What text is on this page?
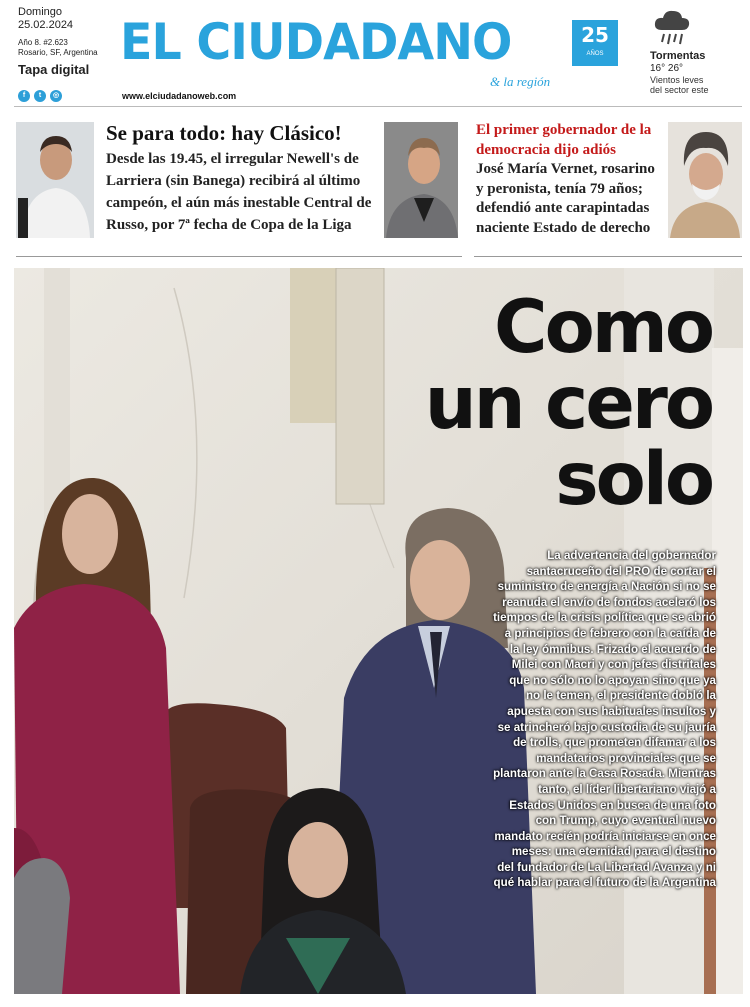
Domingo
25.02.2024
Año 8. #2.623
Rosario, SF, Argentina
Tapa digital
f	t	◎	www.elciudadanoweb.com
EL CIUDADANO	25
AÑOS
& la región
Tormentas
16° 26°
Vientos leves
del sector este
Se para todo: hay Clásico!
Desde las 19.45, el irregular Newell's de Larriera (sin Banega) recibirá al último campeón, el aún más inestable Central de Russo, por 7ª fecha de Copa de la Liga
El primer gobernador de la democracia dijo adiós
José María Vernet, rosarino y peronista, tenía 79 años; defendió ante carapintadas naciente Estado de derecho
Como
un cero
solo
La advertencia del gobernador santacruceño del PRO de cortar el suministro de energía a Nación si no se reanuda el envío de fondos aceleró los tiempos de la crisis política que se abrió a principios de febrero con la caída de la ley ómnibus. Frizado el acuerdo de Milei con Macri y con jefes distritales que no sólo no lo apoyan sino que ya no le temen, el presidente dobló la apuesta con sus habituales insultos y se atrincheró bajo custodia de su jauría de trolls, que prometen difamar a los mandatarios provinciales que se plantaron ante la Casa Rosada. Mientras tanto, el líder libertariano viajó a Estados Unidos en busca de una foto con Trump, cuyo eventual nuevo mandato recién podría iniciarse en once meses: una eternidad para el destino del fundador de La Libertad Avanza y ni qué hablar para el futuro de la Argentina
